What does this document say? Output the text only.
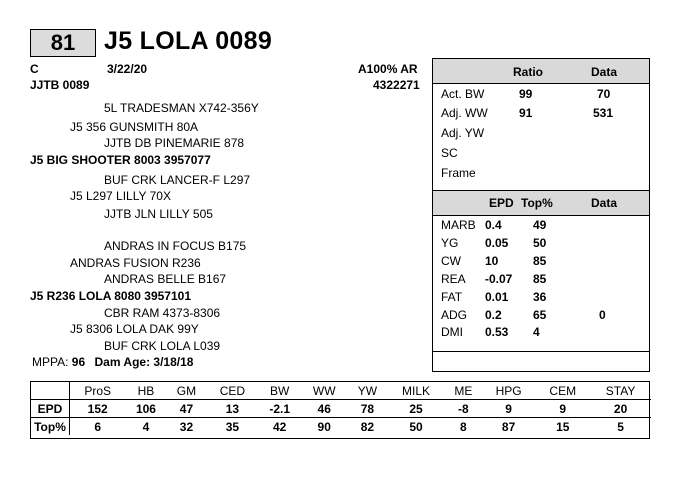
81	J5 LOLA 0089
C	3/22/20
JJTB 0089
A100% AR
4322271
5L TRADESMAN X742-356Y
J5 356 GUNSMITH 80A
JJTB DB PINEMARIE 878
J5 BIG SHOOTER 8003 3957077
BUF CRK LANCER-F L297
J5 L297 LILLY 70X
JJTB JLN LILLY 505
ANDRAS IN FOCUS B175
ANDRAS FUSION R236
ANDRAS BELLE B167
J5 R236 LOLA 8080 3957101
CBR RAM 4373-8306
J5 8306 LOLA DAK 99Y
BUF CRK LOLA L039
MPPA: 96 Dam Age: 3/18/18
Ratio	Data
Act. BW	99	70
Adj. WW	91	531
Adj. YW
SC
Frame
EPD Top%	Data
MARB 0.4	49
YG 0.05 50
CW 10	85
REA -0.07 85
FAT 0.01 36
ADG 0.2	65	0
DMI 0.53 4
	ProS	HB	GM	CED	BW	WW	YW	MILK	ME	HPG	CEM	STAY
EPD	152	106	47	13	-2.1	46	78	25	-8	9	9	20
Top%	6	4	32	35	42	90	82	50	8	87	15	5
